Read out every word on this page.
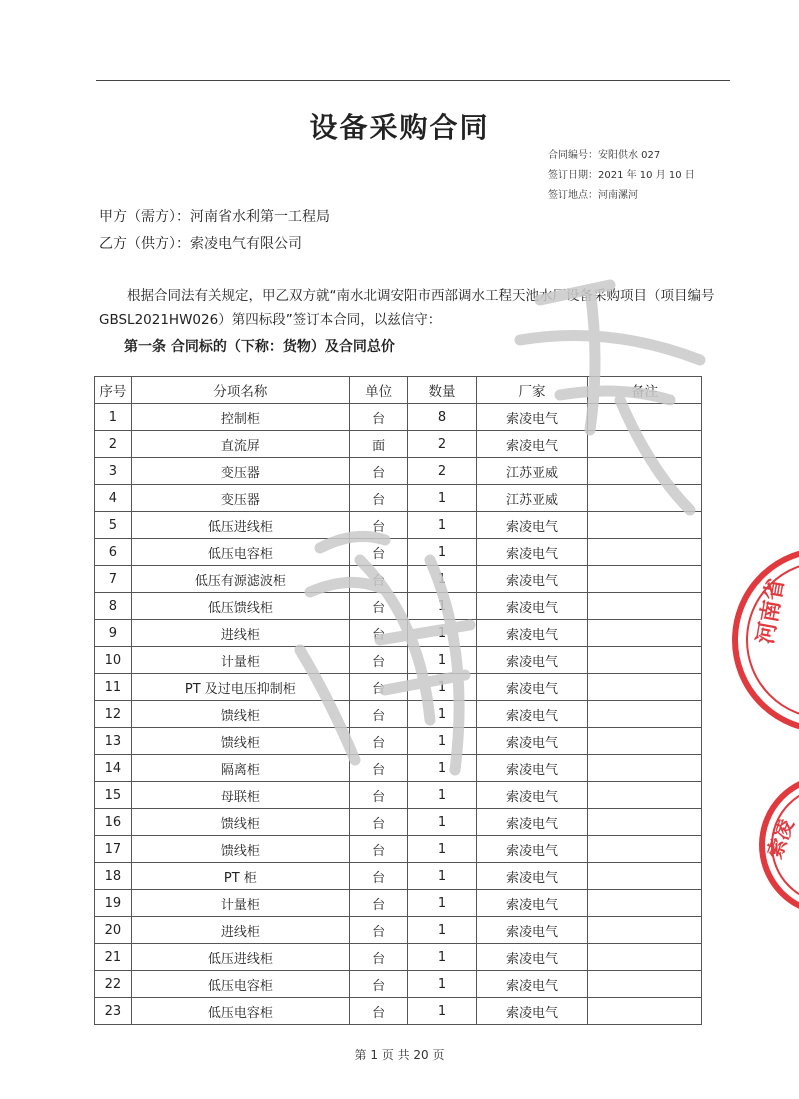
设备采购合同
合同编号：安阳供水 027
签订日期：2021 年 10 月 10 日
签订地点：河南漯河
甲方（需方）：河南省水利第一工程局
乙方（供方）：索凌电气有限公司
根据合同法有关规定，甲乙双方就“南水北调安阳市西部调水工程天池水厂设备采购项目（项目编号
GBSL2021HW026）第四标段”签订本合同，以兹信守：
第一条 合同标的（下称：货物）及合同总价
序号	分项名称	单位	数量	厂家	备注
1	控制柜	台	8	索凌电气	
2	直流屏	面	2	索凌电气	
3	变压器	台	2	江苏亚威	
4	变压器	台	1	江苏亚威	
5	低压进线柜	台	1	索凌电气	
6	低压电容柜	台	1	索凌电气	
7	低压有源滤波柜	台	1	索凌电气	
8	低压馈线柜	台	1	索凌电气	
9	进线柜	台	1	索凌电气	
10	计量柜	台	1	索凌电气	
11	PT 及过电压抑制柜	台	1	索凌电气	
12	馈线柜	台	1	索凌电气	
13	馈线柜	台	1	索凌电气	
14	隔离柜	台	1	索凌电气	
15	母联柜	台	1	索凌电气	
16	馈线柜	台	1	索凌电气	
17	馈线柜	台	1	索凌电气	
18	PT 柜	台	1	索凌电气	
19	计量柜	台	1	索凌电气	
20	进线柜	台	1	索凌电气	
21	低压进线柜	台	1	索凌电气	
22	低压电容柜	台	1	索凌电气	
23	低压电容柜	台	1	索凌电气	
河南省
索凌
第 1 页 共 20 页
